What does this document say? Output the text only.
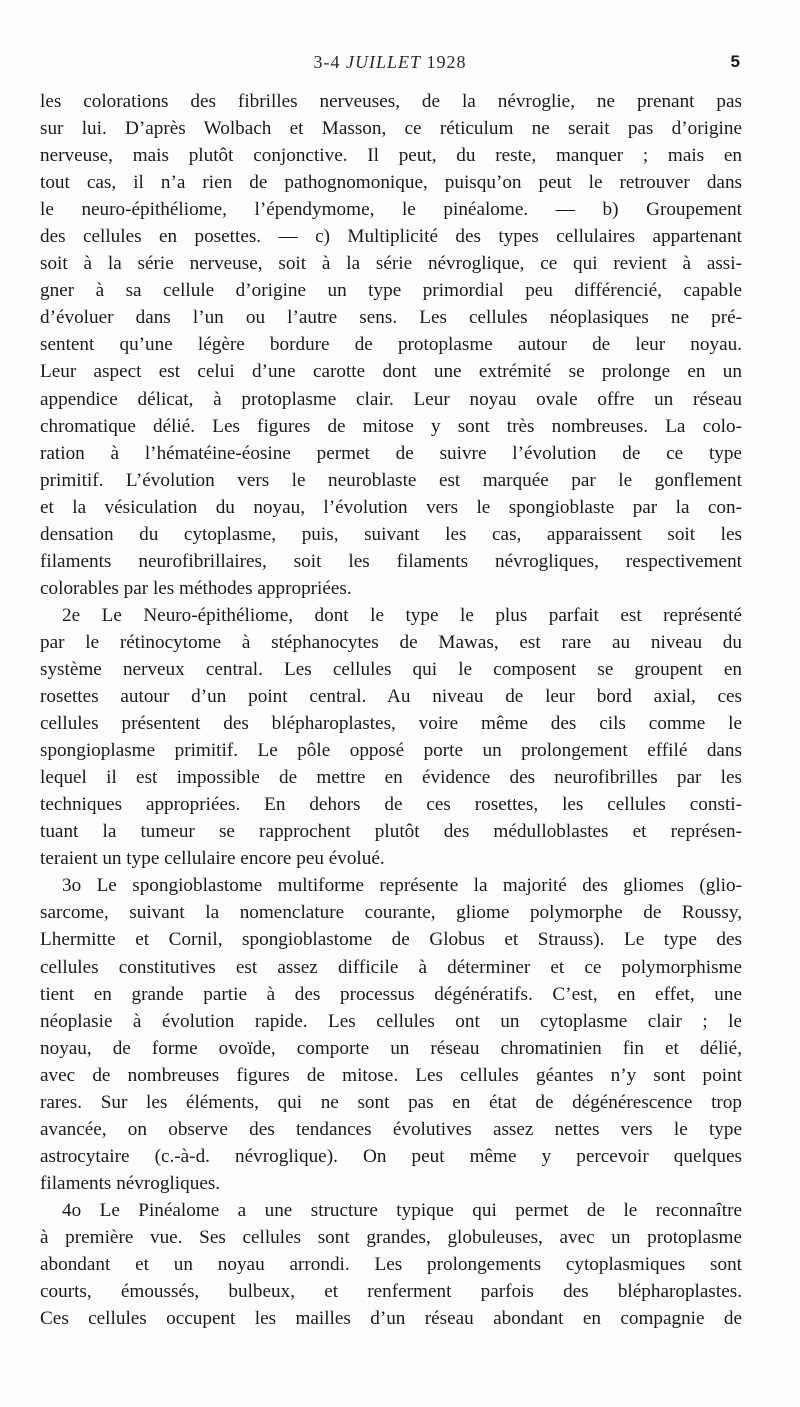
3-4 JUILLET 1928	5
les colorations des fibrilles nerveuses, de la névroglie, ne prenant pas
sur lui. D’après Wolbach et Masson, ce réticulum ne serait pas d’origine
nerveuse, mais plutôt conjonctive. Il peut, du reste, manquer ; mais en
tout cas, il n’a rien de pathognomonique, puisqu’on peut le retrouver dans
le neuro-épithéliome, l’épendymome, le pinéalome. — b) Groupement
des cellules en posettes. — c) Multiplicité des types cellulaires appartenant
soit à la série nerveuse, soit à la série névroglique, ce qui revient à assi-
gner à sa cellule d’origine un type primordial peu différencié, capable
d’évoluer dans l’un ou l’autre sens. Les cellules néoplasiques ne pré-
sentent qu’une légère bordure de protoplasme autour de leur noyau.
Leur aspect est celui d’une carotte dont une extrémité se prolonge en un
appendice délicat, à protoplasme clair. Leur noyau ovale offre un réseau
chromatique délié. Les figures de mitose y sont très nombreuses. La colo-
ration à l’hématéine-éosine permet de suivre l’évolution de ce type
primitif. L’évolution vers le neuroblaste est marquée par le gonflement
et la vésiculation du noyau, l’évolution vers le spongioblaste par la con-
densation du cytoplasme, puis, suivant les cas, apparaissent soit les
filaments neurofibrillaires, soit les filaments névrogliques, respectivement
colorables par les méthodes appropriées.
2e Le Neuro-épithéliome, dont le type le plus parfait est représenté
par le rétinocytome à stéphanocytes de Mawas, est rare au niveau du
système nerveux central. Les cellules qui le composent se groupent en
rosettes autour d’un point central. Au niveau de leur bord axial, ces
cellules présentent des blépharoplastes, voire même des cils comme le
spongioplasme primitif. Le pôle opposé porte un prolongement effilé dans
lequel il est impossible de mettre en évidence des neurofibrilles par les
techniques appropriées. En dehors de ces rosettes, les cellules consti-
tuant la tumeur se rapprochent plutôt des médulloblastes et représen-
teraient un type cellulaire encore peu évolué.
3o Le spongioblastome multiforme représente la majorité des gliomes (glio-
sarcome, suivant la nomenclature courante, gliome polymorphe de Roussy,
Lhermitte et Cornil, spongioblastome de Globus et Strauss). Le type des
cellules constitutives est assez difficile à déterminer et ce polymorphisme
tient en grande partie à des processus dégénératifs. C’est, en effet, une
néoplasie à évolution rapide. Les cellules ont un cytoplasme clair ; le
noyau, de forme ovoïde, comporte un réseau chromatinien fin et délié,
avec de nombreuses figures de mitose. Les cellules géantes n’y sont point
rares. Sur les éléments, qui ne sont pas en état de dégénérescence trop
avancée, on observe des tendances évolutives assez nettes vers le type
astrocytaire (c.-à-d. névroglique). On peut même y percevoir quelques
filaments névrogliques.
4o Le Pinéalome a une structure typique qui permet de le reconnaître
à première vue. Ses cellules sont grandes, globuleuses, avec un protoplasme
abondant et un noyau arrondi. Les prolongements cytoplasmiques sont
courts, émoussés, bulbeux, et renferment parfois des blépharoplastes.
Ces cellules occupent les mailles d’un réseau abondant en compagnie de
